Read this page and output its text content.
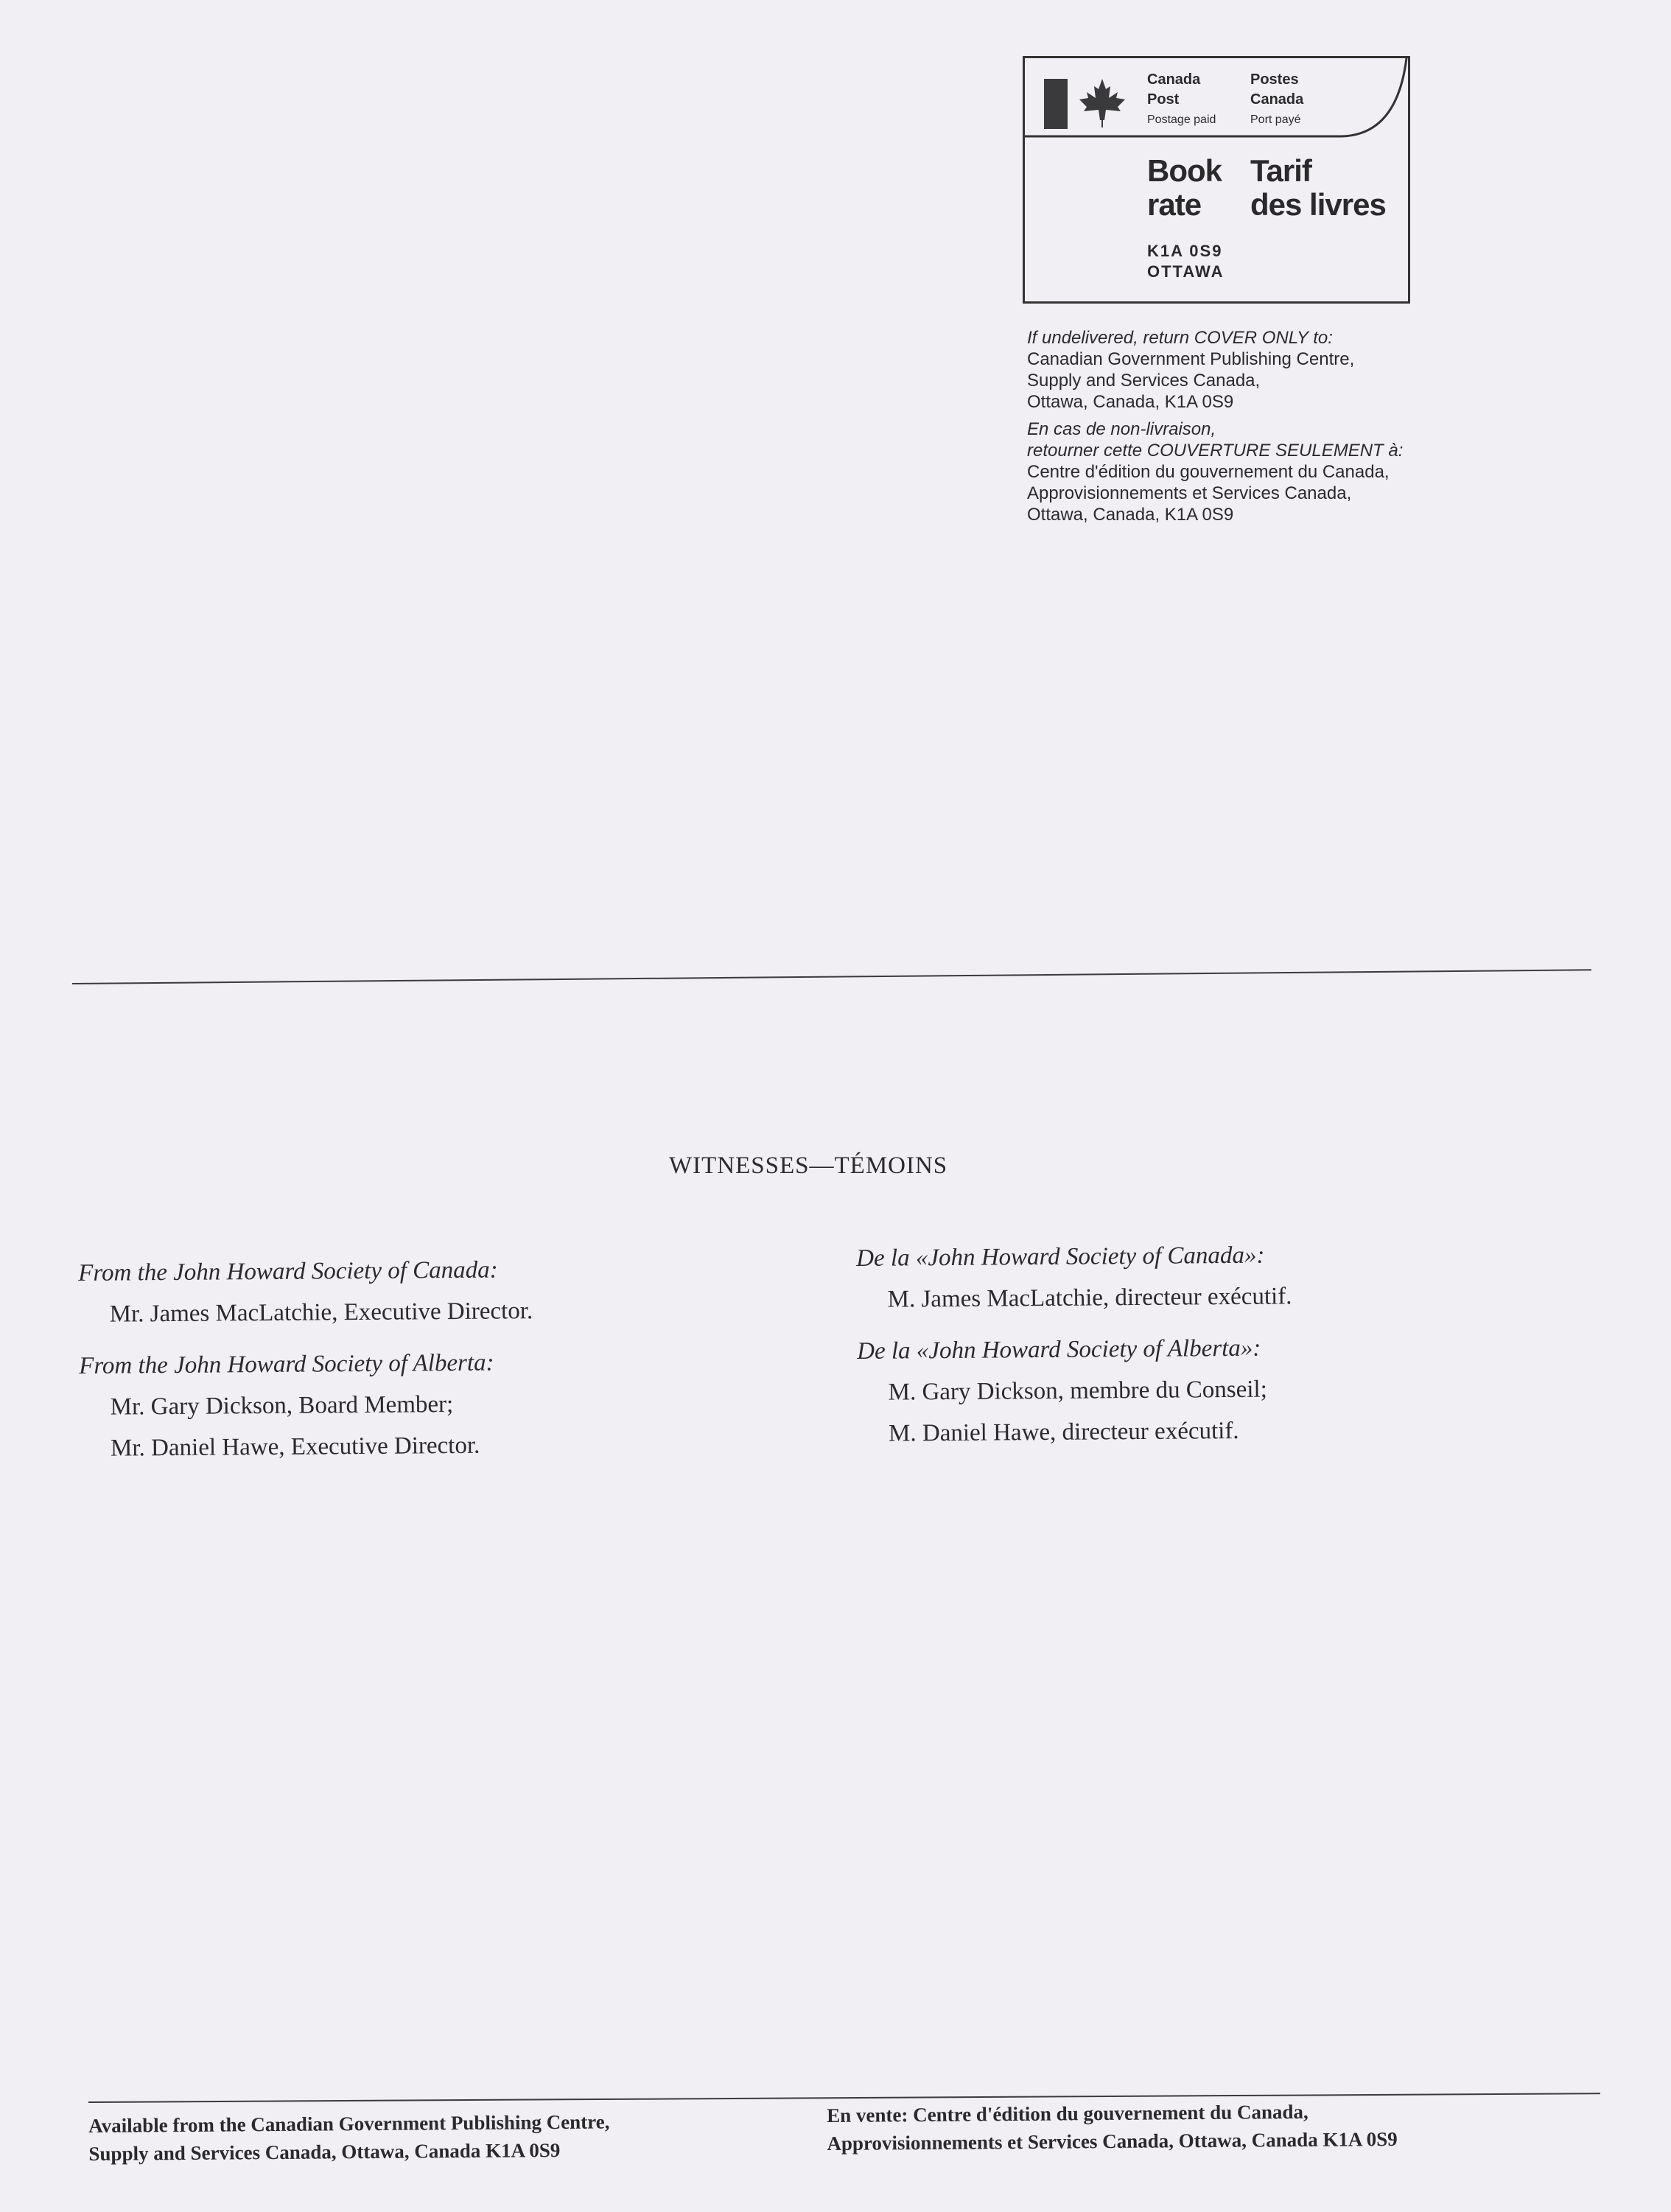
Canada
Post
Postage paid
Postes
Canada
Port payé
Book
rate
Tarif
des livres
K1A 0S9
OTTAWA
If undelivered, return COVER ONLY to:
Canadian Government Publishing Centre,
Supply and Services Canada,
Ottawa, Canada, K1A 0S9
En cas de non-livraison,
retourner cette COUVERTURE SEULEMENT à:
Centre d'édition du gouvernement du Canada,
Approvisionnements et Services Canada,
Ottawa, Canada, K1A 0S9
WITNESSES—TÉMOINS
From the John Howard Society of Canada:
Mr. James MacLatchie, Executive Director.
From the John Howard Society of Alberta:
Mr. Gary Dickson, Board Member;
Mr. Daniel Hawe, Executive Director.
De la «John Howard Society of Canada»:
M. James MacLatchie, directeur exécutif.
De la «John Howard Society of Alberta»:
M. Gary Dickson, membre du Conseil;
M. Daniel Hawe, directeur exécutif.
Available from the Canadian Government Publishing Centre,
Supply and Services Canada, Ottawa, Canada K1A 0S9
En vente: Centre d'édition du gouvernement du Canada,
Approvisionnements et Services Canada, Ottawa, Canada K1A 0S9
